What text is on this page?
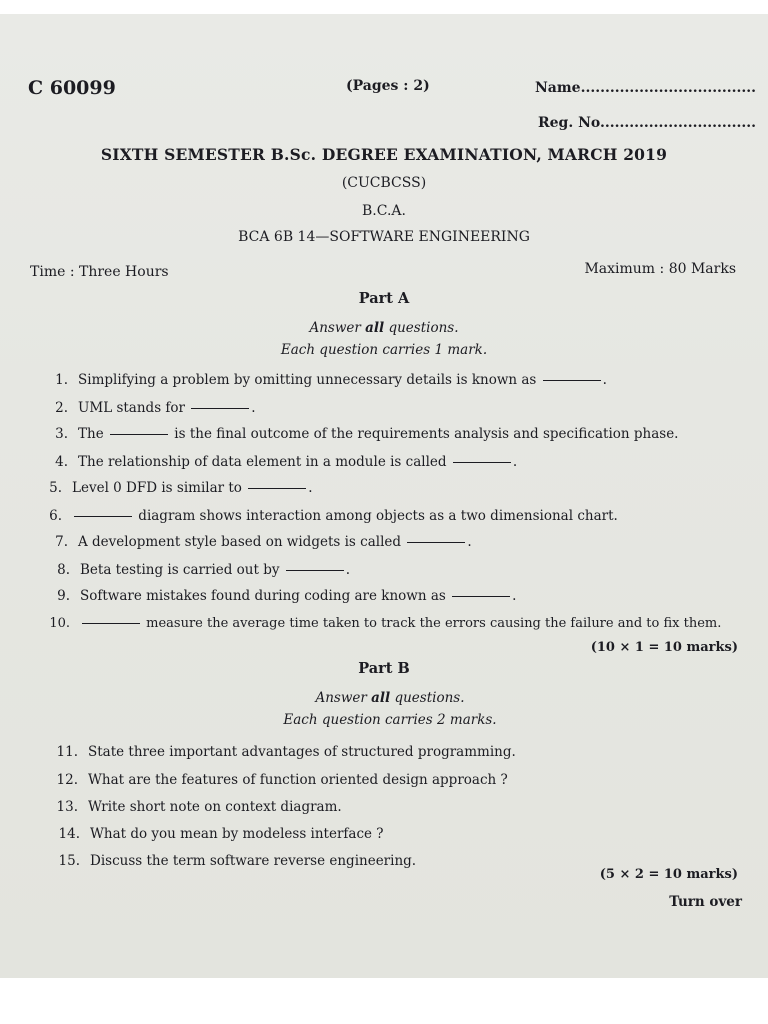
C 60099	(Pages : 2)	Name....................................
Reg. No................................
SIXTH SEMESTER B.Sc. DEGREE EXAMINATION, MARCH 2019
(CUCBCSS)
B.C.A.
BCA 6B 14—SOFTWARE ENGINEERING
Time : Three Hours	Maximum : 80 Marks
Part A
Answer all questions.
Each question carries 1 mark.
1. Simplifying a problem by omitting unnecessary details is known as	.
2. UML stands for	.
3. The	is the final outcome of the requirements analysis and specification phase.
4. The relationship of data element in a module is called	.
5. Level 0 DFD is similar to	.
6.	diagram shows interaction among objects as a two dimensional chart.
7. A development style based on widgets is called	.
8. Beta testing is carried out by	.
9. Software mistakes found during coding are known as	.
10.	measure the average time taken to track the errors causing the failure and to fix them.
(10 × 1 = 10 marks)
Part B
Answer all questions.
Each question carries 2 marks.
11. State three important advantages of structured programming.
12. What are the features of function oriented design approach ?
13. Write short note on context diagram.
14. What do you mean by modeless interface ?
15. Discuss the term software reverse engineering.
(5 × 2 = 10 marks)
Turn over
